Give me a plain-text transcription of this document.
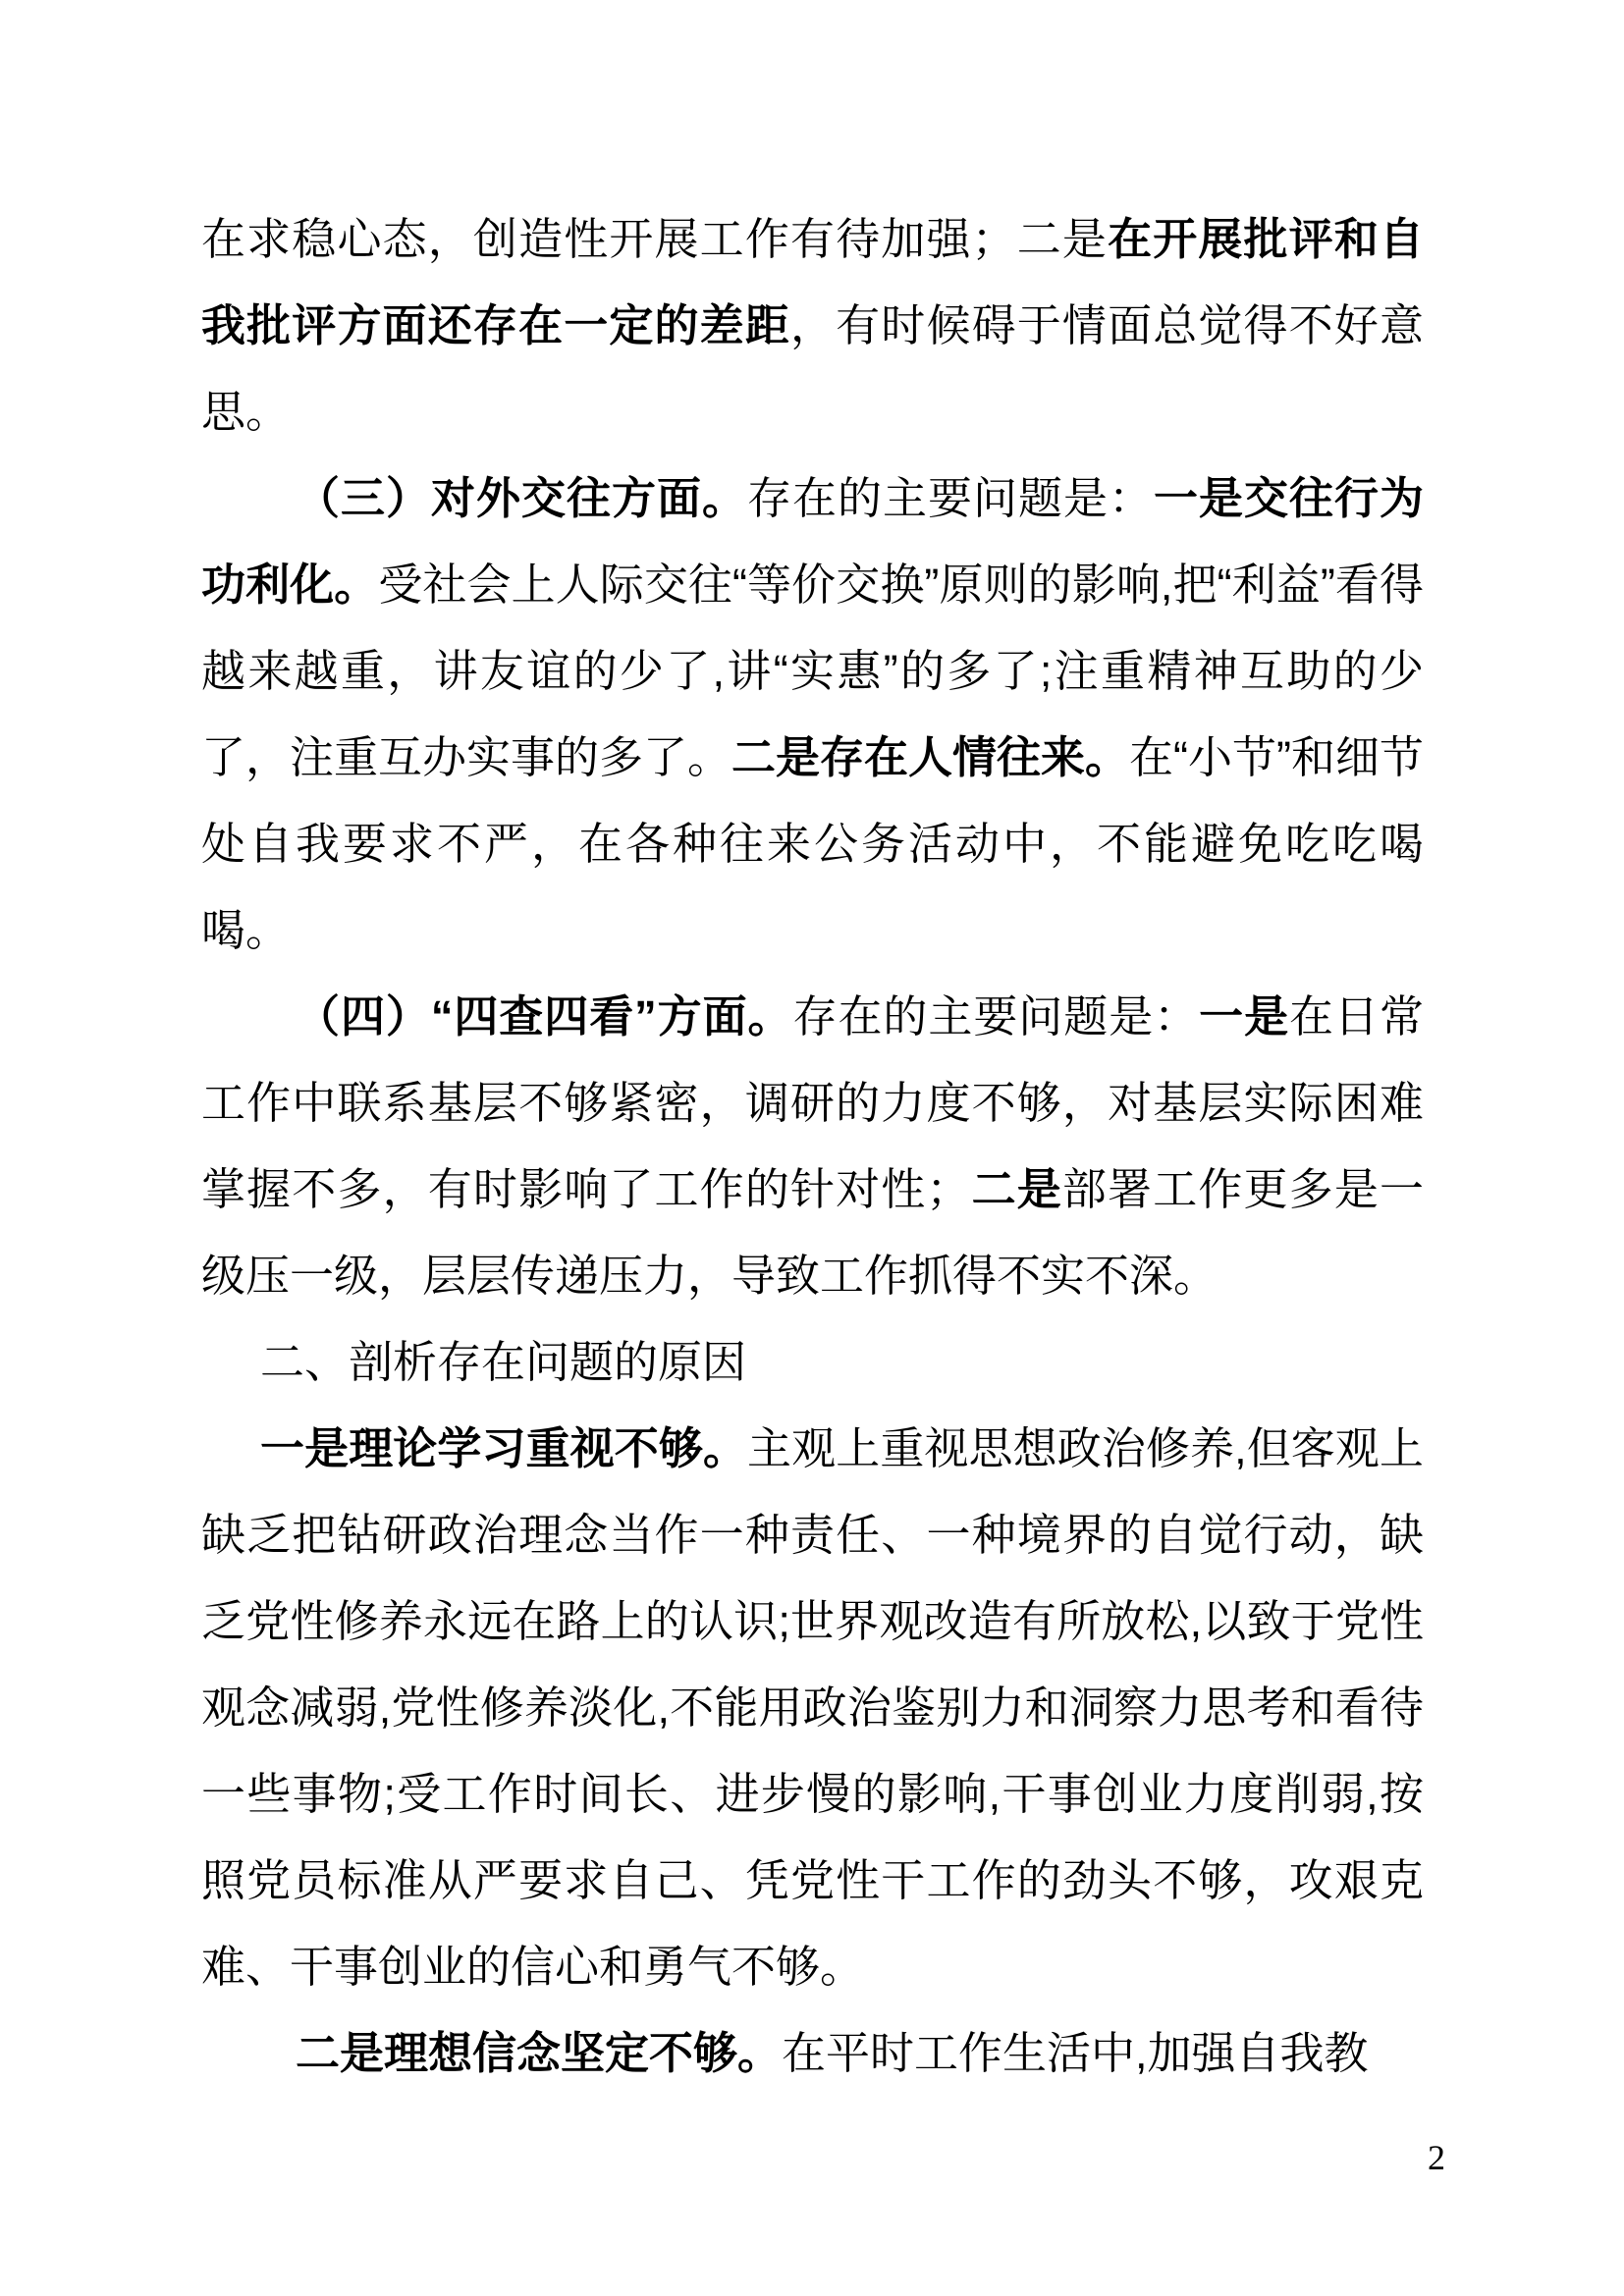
在求稳心态，创造性开展工作有待加强；二是在开展批评和自我批评方面还存在一定的差距，有时候碍于情面总觉得不好意思。

（三）对外交往方面。存在的主要问题是：一是交往行为功利化。受社会上人际交往“等价交换”原则的影响,把“利益”看得越来越重，讲友谊的少了,讲“实惠”的多了;注重精神互助的少了，注重互办实事的多了。二是存在人情往来。在“小节”和细节处自我要求不严，在各种往来公务活动中，不能避免吃吃喝喝。

（四）“四查四看”方面。存在的主要问题是：一是在日常工作中联系基层不够紧密，调研的力度不够，对基层实际困难掌握不多，有时影响了工作的针对性；二是部署工作更多是一级压一级，层层传递压力，导致工作抓得不实不深。

二、剖析存在问题的原因

一是理论学习重视不够。主观上重视思想政治修养,但客观上缺乏把钻研政治理念当作一种责任、一种境界的自觉行动，缺乏党性修养永远在路上的认识;世界观改造有所放松,以致于党性观念减弱,党性修养淡化,不能用政治鉴别力和洞察力思考和看待一些事物;受工作时间长、进步慢的影响,干事创业力度削弱,按照党员标准从严要求自己、凭党性干工作的劲头不够，攻艰克难、干事创业的信心和勇气不够。

二是理想信念坚定不够。在平时工作生活中,加强自我教

2
